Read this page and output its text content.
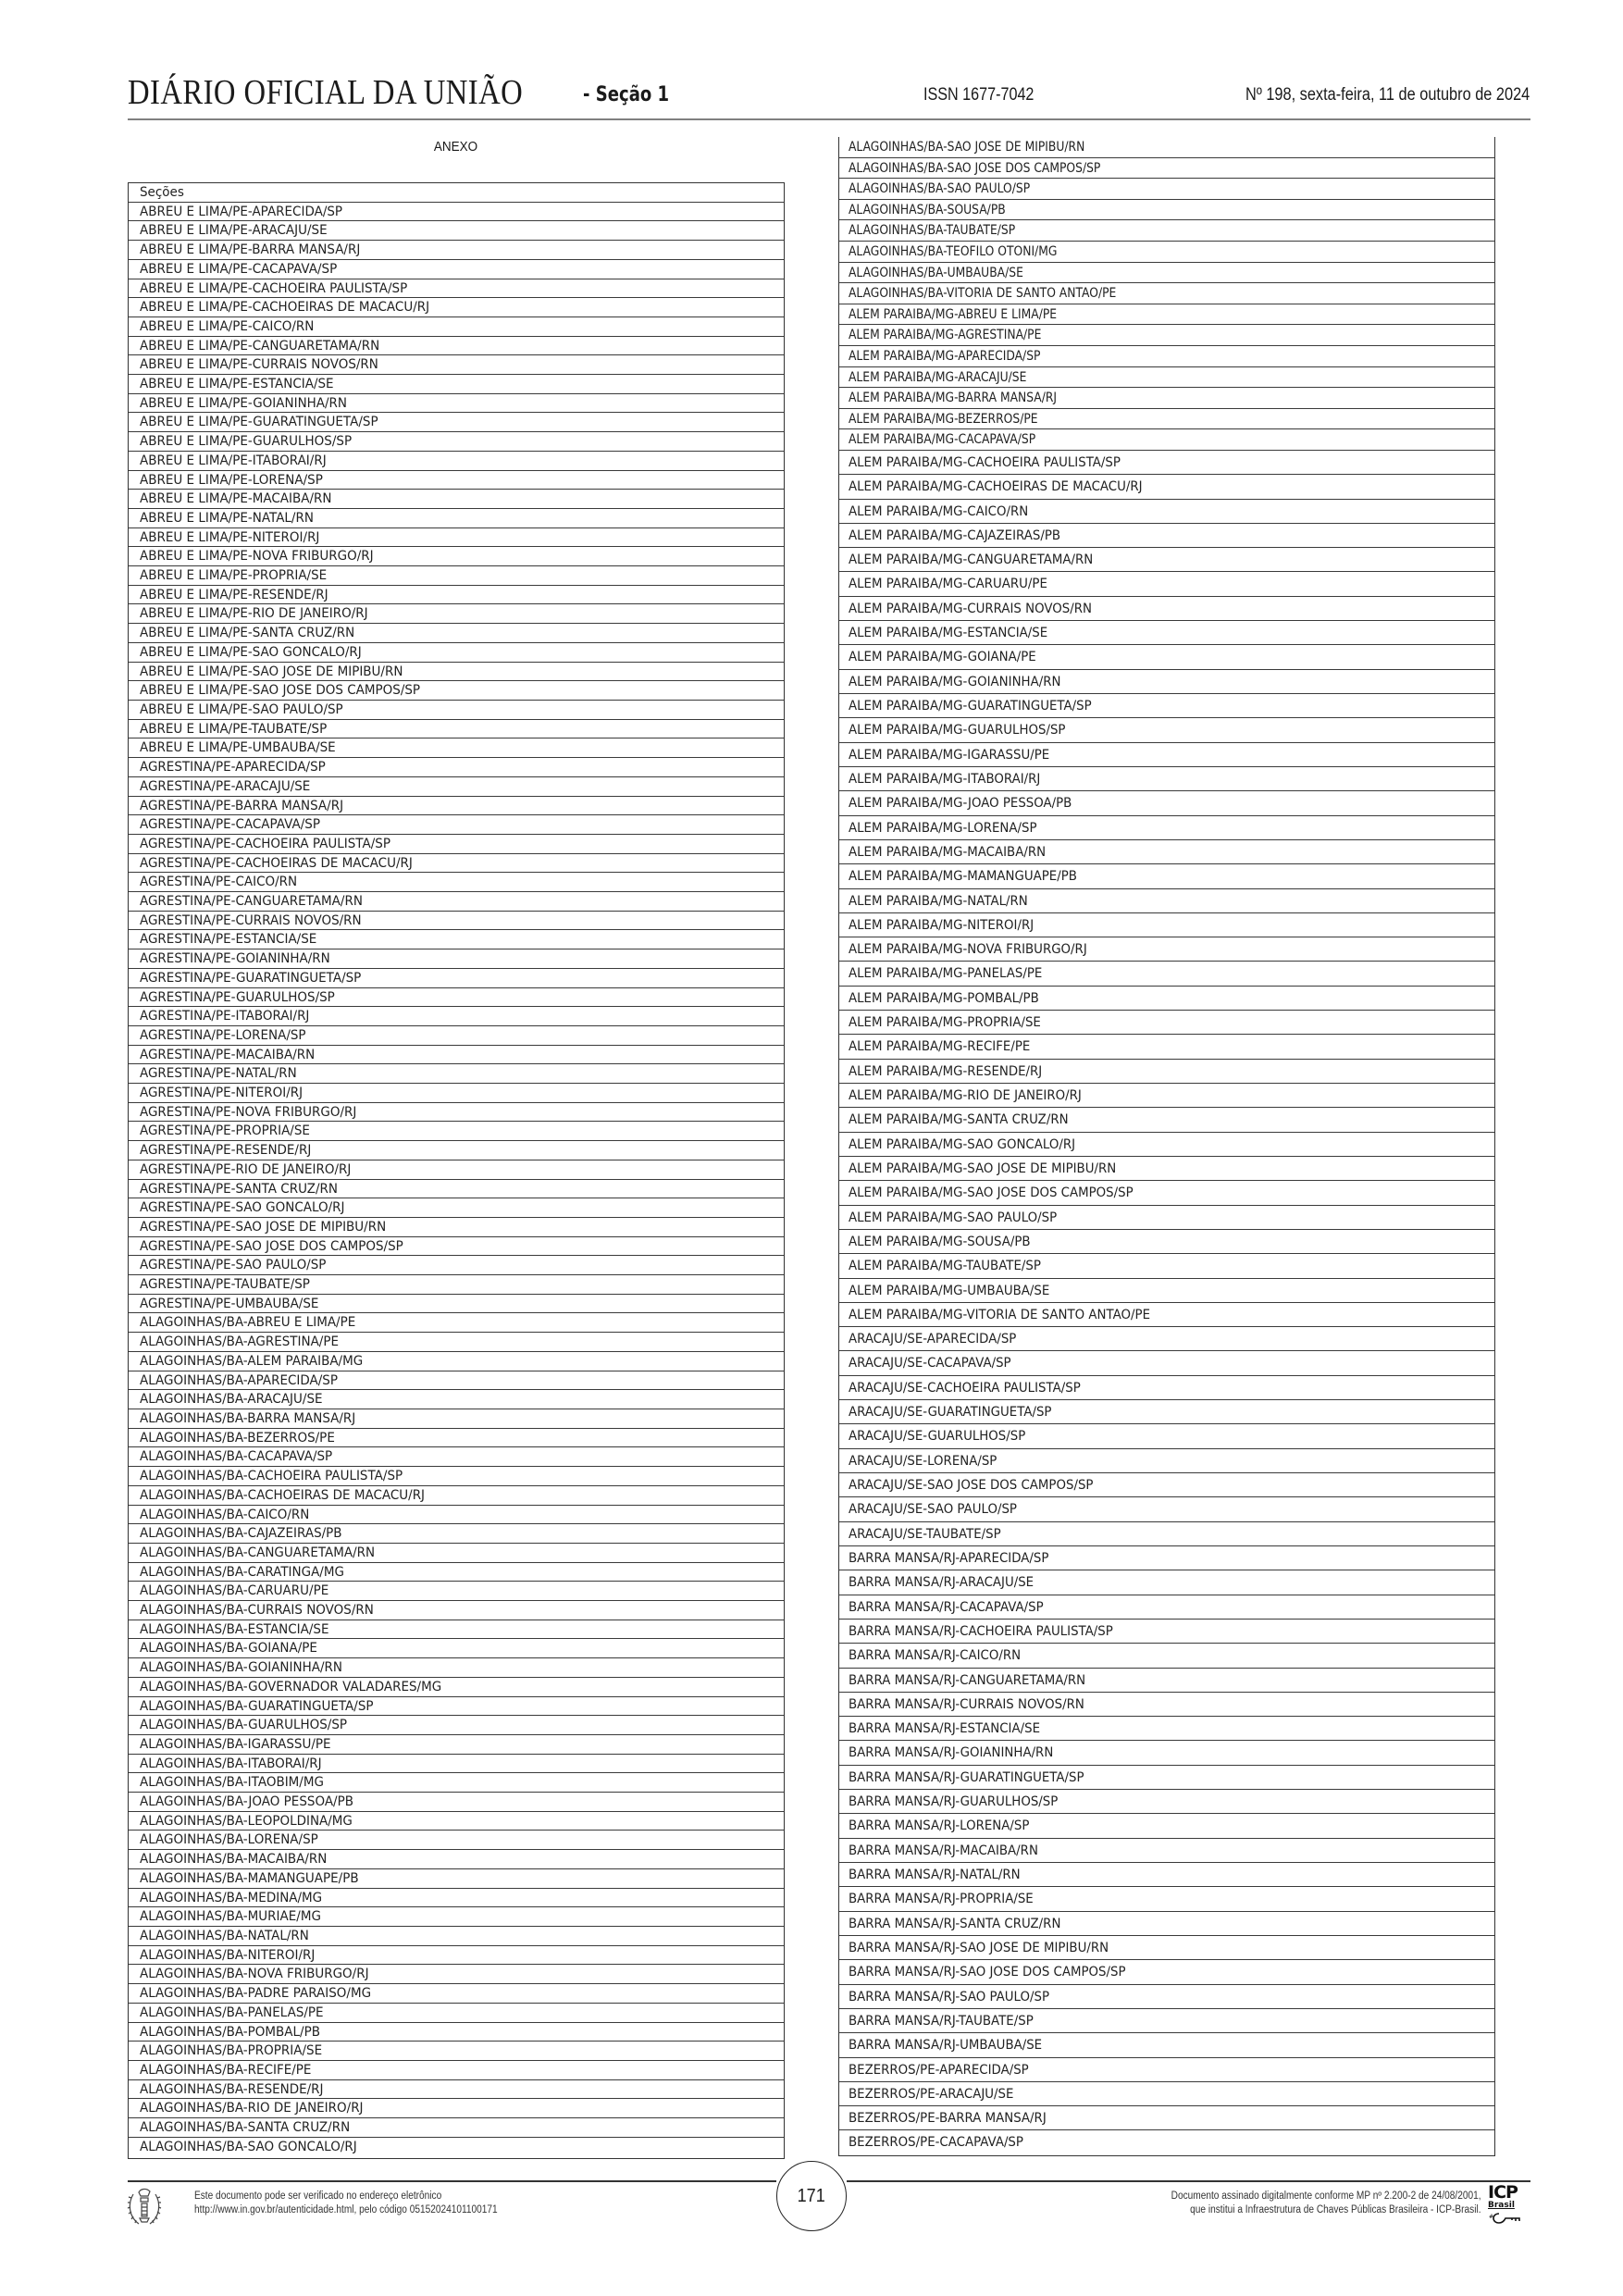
DIÁRIO OFICIAL DA UNIÃO	- Seção 1	ISSN 1677-7042	Nº 198, sexta-feira, 11 de outubro de 2024
ANEXO
Seções
ABREU E LIMA/PE-APARECIDA/SP
ABREU E LIMA/PE-ARACAJU/SE
ABREU E LIMA/PE-BARRA MANSA/RJ
ABREU E LIMA/PE-CACAPAVA/SP
ABREU E LIMA/PE-CACHOEIRA PAULISTA/SP
ABREU E LIMA/PE-CACHOEIRAS DE MACACU/RJ
ABREU E LIMA/PE-CAICO/RN
ABREU E LIMA/PE-CANGUARETAMA/RN
ABREU E LIMA/PE-CURRAIS NOVOS/RN
ABREU E LIMA/PE-ESTANCIA/SE
ABREU E LIMA/PE-GOIANINHA/RN
ABREU E LIMA/PE-GUARATINGUETA/SP
ABREU E LIMA/PE-GUARULHOS/SP
ABREU E LIMA/PE-ITABORAI/RJ
ABREU E LIMA/PE-LORENA/SP
ABREU E LIMA/PE-MACAIBA/RN
ABREU E LIMA/PE-NATAL/RN
ABREU E LIMA/PE-NITEROI/RJ
ABREU E LIMA/PE-NOVA FRIBURGO/RJ
ABREU E LIMA/PE-PROPRIA/SE
ABREU E LIMA/PE-RESENDE/RJ
ABREU E LIMA/PE-RIO DE JANEIRO/RJ
ABREU E LIMA/PE-SANTA CRUZ/RN
ABREU E LIMA/PE-SAO GONCALO/RJ
ABREU E LIMA/PE-SAO JOSE DE MIPIBU/RN
ABREU E LIMA/PE-SAO JOSE DOS CAMPOS/SP
ABREU E LIMA/PE-SAO PAULO/SP
ABREU E LIMA/PE-TAUBATE/SP
ABREU E LIMA/PE-UMBAUBA/SE
AGRESTINA/PE-APARECIDA/SP
AGRESTINA/PE-ARACAJU/SE
AGRESTINA/PE-BARRA MANSA/RJ
AGRESTINA/PE-CACAPAVA/SP
AGRESTINA/PE-CACHOEIRA PAULISTA/SP
AGRESTINA/PE-CACHOEIRAS DE MACACU/RJ
AGRESTINA/PE-CAICO/RN
AGRESTINA/PE-CANGUARETAMA/RN
AGRESTINA/PE-CURRAIS NOVOS/RN
AGRESTINA/PE-ESTANCIA/SE
AGRESTINA/PE-GOIANINHA/RN
AGRESTINA/PE-GUARATINGUETA/SP
AGRESTINA/PE-GUARULHOS/SP
AGRESTINA/PE-ITABORAI/RJ
AGRESTINA/PE-LORENA/SP
AGRESTINA/PE-MACAIBA/RN
AGRESTINA/PE-NATAL/RN
AGRESTINA/PE-NITEROI/RJ
AGRESTINA/PE-NOVA FRIBURGO/RJ
AGRESTINA/PE-PROPRIA/SE
AGRESTINA/PE-RESENDE/RJ
AGRESTINA/PE-RIO DE JANEIRO/RJ
AGRESTINA/PE-SANTA CRUZ/RN
AGRESTINA/PE-SAO GONCALO/RJ
AGRESTINA/PE-SAO JOSE DE MIPIBU/RN
AGRESTINA/PE-SAO JOSE DOS CAMPOS/SP
AGRESTINA/PE-SAO PAULO/SP
AGRESTINA/PE-TAUBATE/SP
AGRESTINA/PE-UMBAUBA/SE
ALAGOINHAS/BA-ABREU E LIMA/PE
ALAGOINHAS/BA-AGRESTINA/PE
ALAGOINHAS/BA-ALEM PARAIBA/MG
ALAGOINHAS/BA-APARECIDA/SP
ALAGOINHAS/BA-ARACAJU/SE
ALAGOINHAS/BA-BARRA MANSA/RJ
ALAGOINHAS/BA-BEZERROS/PE
ALAGOINHAS/BA-CACAPAVA/SP
ALAGOINHAS/BA-CACHOEIRA PAULISTA/SP
ALAGOINHAS/BA-CACHOEIRAS DE MACACU/RJ
ALAGOINHAS/BA-CAICO/RN
ALAGOINHAS/BA-CAJAZEIRAS/PB
ALAGOINHAS/BA-CANGUARETAMA/RN
ALAGOINHAS/BA-CARATINGA/MG
ALAGOINHAS/BA-CARUARU/PE
ALAGOINHAS/BA-CURRAIS NOVOS/RN
ALAGOINHAS/BA-ESTANCIA/SE
ALAGOINHAS/BA-GOIANA/PE
ALAGOINHAS/BA-GOIANINHA/RN
ALAGOINHAS/BA-GOVERNADOR VALADARES/MG
ALAGOINHAS/BA-GUARATINGUETA/SP
ALAGOINHAS/BA-GUARULHOS/SP
ALAGOINHAS/BA-IGARASSU/PE
ALAGOINHAS/BA-ITABORAI/RJ
ALAGOINHAS/BA-ITAOBIM/MG
ALAGOINHAS/BA-JOAO PESSOA/PB
ALAGOINHAS/BA-LEOPOLDINA/MG
ALAGOINHAS/BA-LORENA/SP
ALAGOINHAS/BA-MACAIBA/RN
ALAGOINHAS/BA-MAMANGUAPE/PB
ALAGOINHAS/BA-MEDINA/MG
ALAGOINHAS/BA-MURIAE/MG
ALAGOINHAS/BA-NATAL/RN
ALAGOINHAS/BA-NITEROI/RJ
ALAGOINHAS/BA-NOVA FRIBURGO/RJ
ALAGOINHAS/BA-PADRE PARAISO/MG
ALAGOINHAS/BA-PANELAS/PE
ALAGOINHAS/BA-POMBAL/PB
ALAGOINHAS/BA-PROPRIA/SE
ALAGOINHAS/BA-RECIFE/PE
ALAGOINHAS/BA-RESENDE/RJ
ALAGOINHAS/BA-RIO DE JANEIRO/RJ
ALAGOINHAS/BA-SANTA CRUZ/RN
ALAGOINHAS/BA-SAO GONCALO/RJ
ALAGOINHAS/BA-SAO JOSE DE MIPIBU/RN
ALAGOINHAS/BA-SAO JOSE DOS CAMPOS/SP
ALAGOINHAS/BA-SAO PAULO/SP
ALAGOINHAS/BA-SOUSA/PB
ALAGOINHAS/BA-TAUBATE/SP
ALAGOINHAS/BA-TEOFILO OTONI/MG
ALAGOINHAS/BA-UMBAUBA/SE
ALAGOINHAS/BA-VITORIA DE SANTO ANTAO/PE
ALEM PARAIBA/MG-ABREU E LIMA/PE
ALEM PARAIBA/MG-AGRESTINA/PE
ALEM PARAIBA/MG-APARECIDA/SP
ALEM PARAIBA/MG-ARACAJU/SE
ALEM PARAIBA/MG-BARRA MANSA/RJ
ALEM PARAIBA/MG-BEZERROS/PE
ALEM PARAIBA/MG-CACAPAVA/SP
ALEM PARAIBA/MG-CACHOEIRA PAULISTA/SP
ALEM PARAIBA/MG-CACHOEIRAS DE MACACU/RJ
ALEM PARAIBA/MG-CAICO/RN
ALEM PARAIBA/MG-CAJAZEIRAS/PB
ALEM PARAIBA/MG-CANGUARETAMA/RN
ALEM PARAIBA/MG-CARUARU/PE
ALEM PARAIBA/MG-CURRAIS NOVOS/RN
ALEM PARAIBA/MG-ESTANCIA/SE
ALEM PARAIBA/MG-GOIANA/PE
ALEM PARAIBA/MG-GOIANINHA/RN
ALEM PARAIBA/MG-GUARATINGUETA/SP
ALEM PARAIBA/MG-GUARULHOS/SP
ALEM PARAIBA/MG-IGARASSU/PE
ALEM PARAIBA/MG-ITABORAI/RJ
ALEM PARAIBA/MG-JOAO PESSOA/PB
ALEM PARAIBA/MG-LORENA/SP
ALEM PARAIBA/MG-MACAIBA/RN
ALEM PARAIBA/MG-MAMANGUAPE/PB
ALEM PARAIBA/MG-NATAL/RN
ALEM PARAIBA/MG-NITEROI/RJ
ALEM PARAIBA/MG-NOVA FRIBURGO/RJ
ALEM PARAIBA/MG-PANELAS/PE
ALEM PARAIBA/MG-POMBAL/PB
ALEM PARAIBA/MG-PROPRIA/SE
ALEM PARAIBA/MG-RECIFE/PE
ALEM PARAIBA/MG-RESENDE/RJ
ALEM PARAIBA/MG-RIO DE JANEIRO/RJ
ALEM PARAIBA/MG-SANTA CRUZ/RN
ALEM PARAIBA/MG-SAO GONCALO/RJ
ALEM PARAIBA/MG-SAO JOSE DE MIPIBU/RN
ALEM PARAIBA/MG-SAO JOSE DOS CAMPOS/SP
ALEM PARAIBA/MG-SAO PAULO/SP
ALEM PARAIBA/MG-SOUSA/PB
ALEM PARAIBA/MG-TAUBATE/SP
ALEM PARAIBA/MG-UMBAUBA/SE
ALEM PARAIBA/MG-VITORIA DE SANTO ANTAO/PE
ARACAJU/SE-APARECIDA/SP
ARACAJU/SE-CACAPAVA/SP
ARACAJU/SE-CACHOEIRA PAULISTA/SP
ARACAJU/SE-GUARATINGUETA/SP
ARACAJU/SE-GUARULHOS/SP
ARACAJU/SE-LORENA/SP
ARACAJU/SE-SAO JOSE DOS CAMPOS/SP
ARACAJU/SE-SAO PAULO/SP
ARACAJU/SE-TAUBATE/SP
BARRA MANSA/RJ-APARECIDA/SP
BARRA MANSA/RJ-ARACAJU/SE
BARRA MANSA/RJ-CACAPAVA/SP
BARRA MANSA/RJ-CACHOEIRA PAULISTA/SP
BARRA MANSA/RJ-CAICO/RN
BARRA MANSA/RJ-CANGUARETAMA/RN
BARRA MANSA/RJ-CURRAIS NOVOS/RN
BARRA MANSA/RJ-ESTANCIA/SE
BARRA MANSA/RJ-GOIANINHA/RN
BARRA MANSA/RJ-GUARATINGUETA/SP
BARRA MANSA/RJ-GUARULHOS/SP
BARRA MANSA/RJ-LORENA/SP
BARRA MANSA/RJ-MACAIBA/RN
BARRA MANSA/RJ-NATAL/RN
BARRA MANSA/RJ-PROPRIA/SE
BARRA MANSA/RJ-SANTA CRUZ/RN
BARRA MANSA/RJ-SAO JOSE DE MIPIBU/RN
BARRA MANSA/RJ-SAO JOSE DOS CAMPOS/SP
BARRA MANSA/RJ-SAO PAULO/SP
BARRA MANSA/RJ-TAUBATE/SP
BARRA MANSA/RJ-UMBAUBA/SE
BEZERROS/PE-APARECIDA/SP
BEZERROS/PE-ARACAJU/SE
BEZERROS/PE-BARRA MANSA/RJ
BEZERROS/PE-CACAPAVA/SP
171
Este documento pode ser verificado no endereço eletrônico
http://www.in.gov.br/autenticidade.html, pelo código 05152024101100171
Documento assinado digitalmente conforme MP nº 2.200-2 de 24/08/2001,
que institui a Infraestrutura de Chaves Públicas Brasileira - ICP-Brasil.
ICP
Brasil
#
